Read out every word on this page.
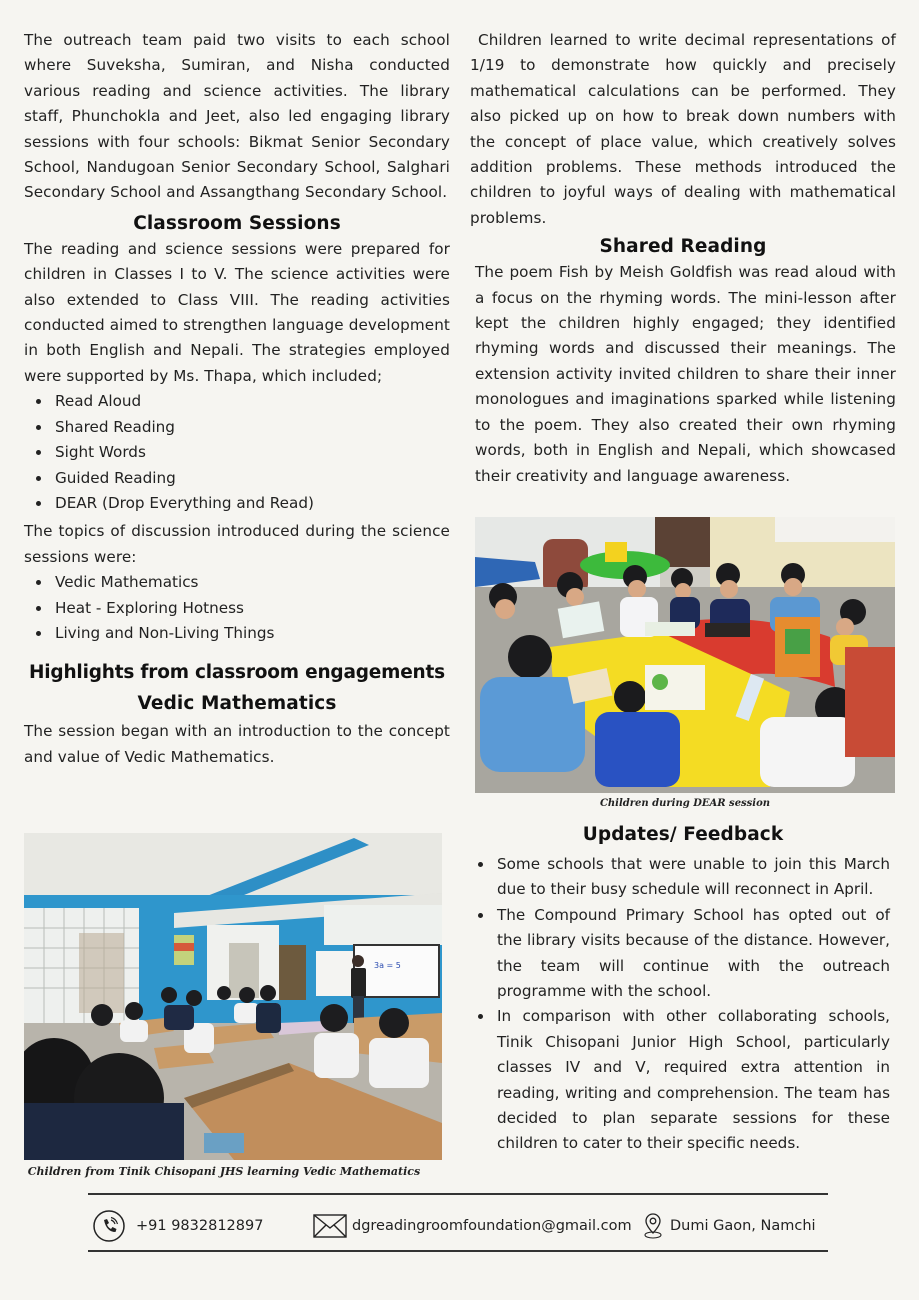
The outreach team paid two visits to each school where Suveksha, Sumiran, and Nisha conducted various reading and science activities. The library staff, Phunchokla and Jeet, also led engaging library sessions with four schools: Bikmat Senior Secondary School, Nandugoan Senior Secondary School, Salghari Secondary School and Assangthang Secondary School.

Classroom Sessions

The reading and science sessions were prepared for children in Classes I to V. The science activities were also extended to Class VIII. The reading activities conducted aimed to strengthen language development in both English and Nepali. The strategies employed were supported by Ms. Thapa, which included;

Read Aloud
Shared Reading
Sight Words
Guided Reading
DEAR (Drop Everything and Read)

The topics of discussion introduced during the science sessions were:

Vedic Mathematics
Heat - Exploring Hotness
Living and Non-Living Things
Highlights from classroom engagements
Vedic Mathematics

The session began with an introduction to the concept and value of Vedic Mathematics.

3a = 5
Children from Tinik Chisopani JHS learning Vedic Mathematics

Children learned to write decimal representations of 1/19 to demonstrate how quickly and precisely mathematical calculations can be performed. They also picked up on how to break down numbers with the concept of place value, which creatively solves addition problems. These methods introduced the children to joyful ways of dealing with mathematical problems.

Shared Reading

The poem Fish by Meish Goldfish was read aloud with a focus on the rhyming words. The mini-lesson after kept the children highly engaged; they identified rhyming words and discussed their meanings. The extension activity invited children to share their inner monologues and imaginations sparked while listening to the poem. They also created their own rhyming words, both in English and Nepali, which showcased their creativity and language awareness.

Children during DEAR session
Updates/ Feedback
Some schools that were unable to join this March due to their busy schedule will reconnect in April.
The Compound Primary School has opted out of the library visits because of the distance. However, the team will continue with the outreach programme with the school.
In comparison with other collaborating schools, Tinik Chisopani Junior High School, particularly classes IV and V, required extra attention in reading, writing and comprehension. The team has decided to plan separate sessions for these children to cater to their specific needs.
+91 9832812897	dgreadingroomfoundation@gmail.com	Dumi Gaon, Namchi
